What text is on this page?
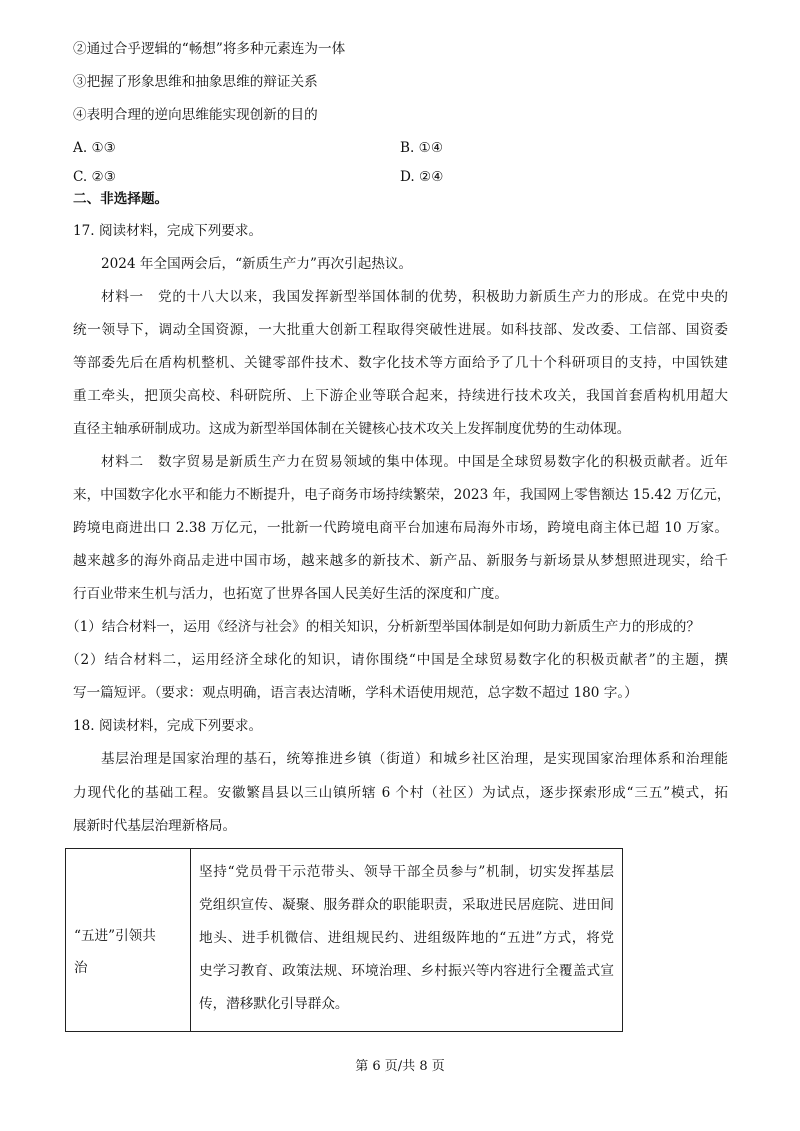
②通过合乎逻辑的“畅想”将多种元素连为一体
③把握了形象思维和抽象思维的辩证关系
④表明合理的逆向思维能实现创新的目的
A. ①③	B. ①④
C. ②③	D. ②④
二、非选择题。
17. 阅读材料，完成下列要求。
2024 年全国两会后，“新质生产力”再次引起热议。
材料一　党的十八大以来，我国发挥新型举国体制的优势，积极助力新质生产力的形成。在党中央的
统一领导下，调动全国资源，一大批重大创新工程取得突破性进展。如科技部、发改委、工信部、国资委
等部委先后在盾构机整机、关键零部件技术、数字化技术等方面给予了几十个科研项目的支持，中国铁建
重工牵头，把顶尖高校、科研院所、上下游企业等联合起来，持续进行技术攻关，我国首套盾构机用超大
直径主轴承研制成功。这成为新型举国体制在关键核心技术攻关上发挥制度优势的生动体现。
材料二　数字贸易是新质生产力在贸易领域的集中体现。中国是全球贸易数字化的积极贡献者。近年
来，中国数字化水平和能力不断提升，电子商务市场持续繁荣，2023 年，我国网上零售额达 15.42 万亿元，
跨境电商进出口 2.38 万亿元，一批新一代跨境电商平台加速布局海外市场，跨境电商主体已超 10 万家。
越来越多的海外商品走进中国市场，越来越多的新技术、新产品、新服务与新场景从梦想照进现实，给千
行百业带来生机与活力，也拓宽了世界各国人民美好生活的深度和广度。
（1）结合材料一，运用《经济与社会》的相关知识，分析新型举国体制是如何助力新质生产力的形成的？
（2）结合材料二，运用经济全球化的知识，请你围绕“中国是全球贸易数字化的积极贡献者”的主题，撰
写一篇短评。（要求：观点明确，语言表达清晰，学科术语使用规范，总字数不超过 180 字。）
18. 阅读材料，完成下列要求。
基层治理是国家治理的基石，统筹推进乡镇（街道）和城乡社区治理，是实现国家治理体系和治理能
力现代化的基础工程。安徽繁昌县以三山镇所辖 6 个村（社区）为试点，逐步探索形成“三五”模式，拓
“五进”引领共
治
坚持“党员骨干示范带头、领导干部全员参与”机制，切实发挥基层
党组织宣传、凝聚、服务群众的职能职责，采取进民居庭院、进田间
地头、进手机微信、进组规民约、进组级阵地的“五进”方式，将党
史学习教育、政策法规、环境治理、乡村振兴等内容进行全覆盖式宣
传，潜移默化引导群众。
第 6 页/共 8 页
展新时代基层治理新格局。
